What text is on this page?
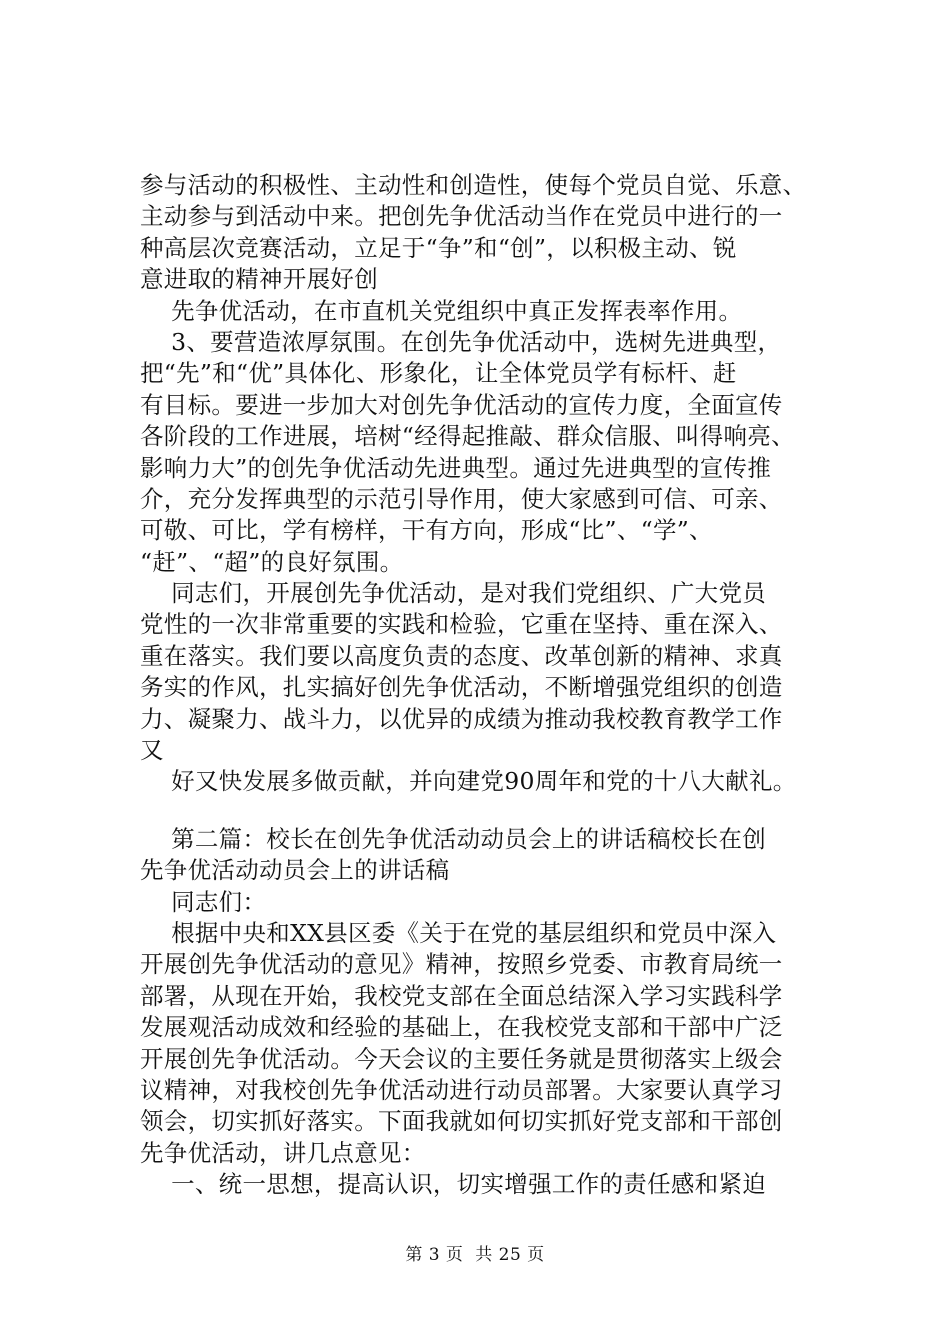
参与活动的积极性、主动性和创造性，使每个党员自觉、乐意、
主动参与到活动中来。把创先争优活动当作在党员中进行的一
种高层次竞赛活动，立足于“争”和“创”，以积极主动、锐
意进取的精神开展好创
先争优活动，在市直机关党组织中真正发挥表率作用。
3、要营造浓厚氛围。在创先争优活动中，选树先进典型，
把“先”和“优”具体化、形象化，让全体党员学有标杆、赶
有目标。要进一步加大对创先争优活动的宣传力度，全面宣传
各阶段的工作进展，培树“经得起推敲、群众信服、叫得响亮、
影响力大”的创先争优活动先进典型。通过先进典型的宣传推
介，充分发挥典型的示范引导作用，使大家感到可信、可亲、
可敬、可比，学有榜样，干有方向，形成“比”、“学”、
“赶”、“超”的良好氛围。
同志们，开展创先争优活动，是对我们党组织、广大党员
党性的一次非常重要的实践和检验，它重在坚持、重在深入、
重在落实。我们要以高度负责的态度、改革创新的精神、求真
务实的作风，扎实搞好创先争优活动，不断增强党组织的创造
力、凝聚力、战斗力，以优异的成绩为推动我校教育教学工作
又
好又快发展多做贡献，并向建党90周年和党的十八大献礼。
第二篇：校长在创先争优活动动员会上的讲话稿校长在创
先争优活动动员会上的讲话稿
同志们：
根据中央和XX县区委《关于在党的基层组织和党员中深入
开展创先争优活动的意见》精神，按照乡党委、市教育局统一
部署，从现在开始，我校党支部在全面总结深入学习实践科学
发展观活动成效和经验的基础上，在我校党支部和干部中广泛
开展创先争优活动。今天会议的主要任务就是贯彻落实上级会
议精神，对我校创先争优活动进行动员部署。大家要认真学习
领会，切实抓好落实。下面我就如何切实抓好党支部和干部创
先争优活动，讲几点意见：
一、统一思想，提高认识，切实增强工作的责任感和紧迫
第 3 页  共 25 页
